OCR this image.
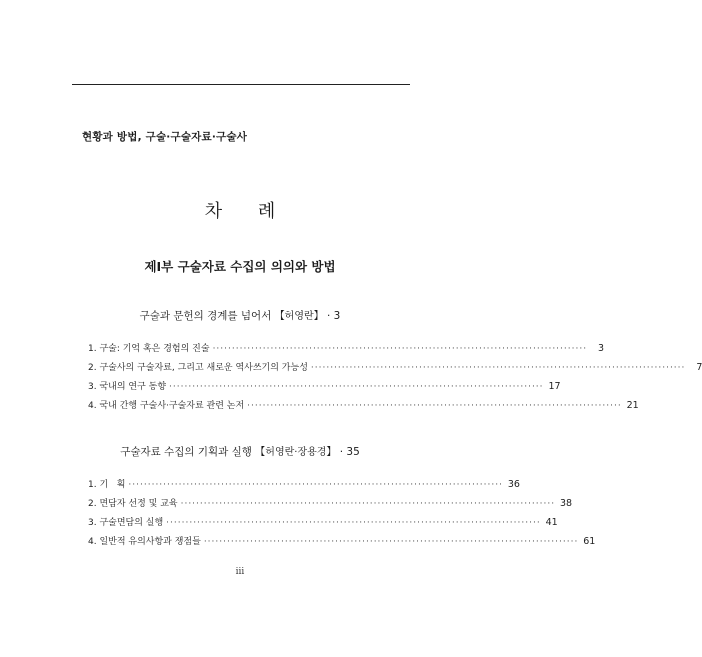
현황과 방법, 구술·구술자료·구술사
차 례
제Ⅰ부 구술자료 수집의 의의와 방법
구술과 문헌의 경계를 넘어서 【허영란】 · 3
1. 구술: 기억 혹은 경험의 진술 ·································································································	3
2. 구술사의 구술자료, 그리고 새로운 역사쓰기의 가능성 ·································································································	7
3. 국내의 연구 동향 ································································································· 17
4. 국내 간행 구술사·구술자료 관련 논저 ································································································· 21
구술자료 수집의 기획과 실행 【허영란·장용경】 · 35
1. 기   획 ································································································· 36
2. 면담자 선정 및 교육 ································································································· 38
3. 구술면담의 실행 ································································································· 41
4. 일반적 유의사항과 쟁점들 ································································································· 61
iii
